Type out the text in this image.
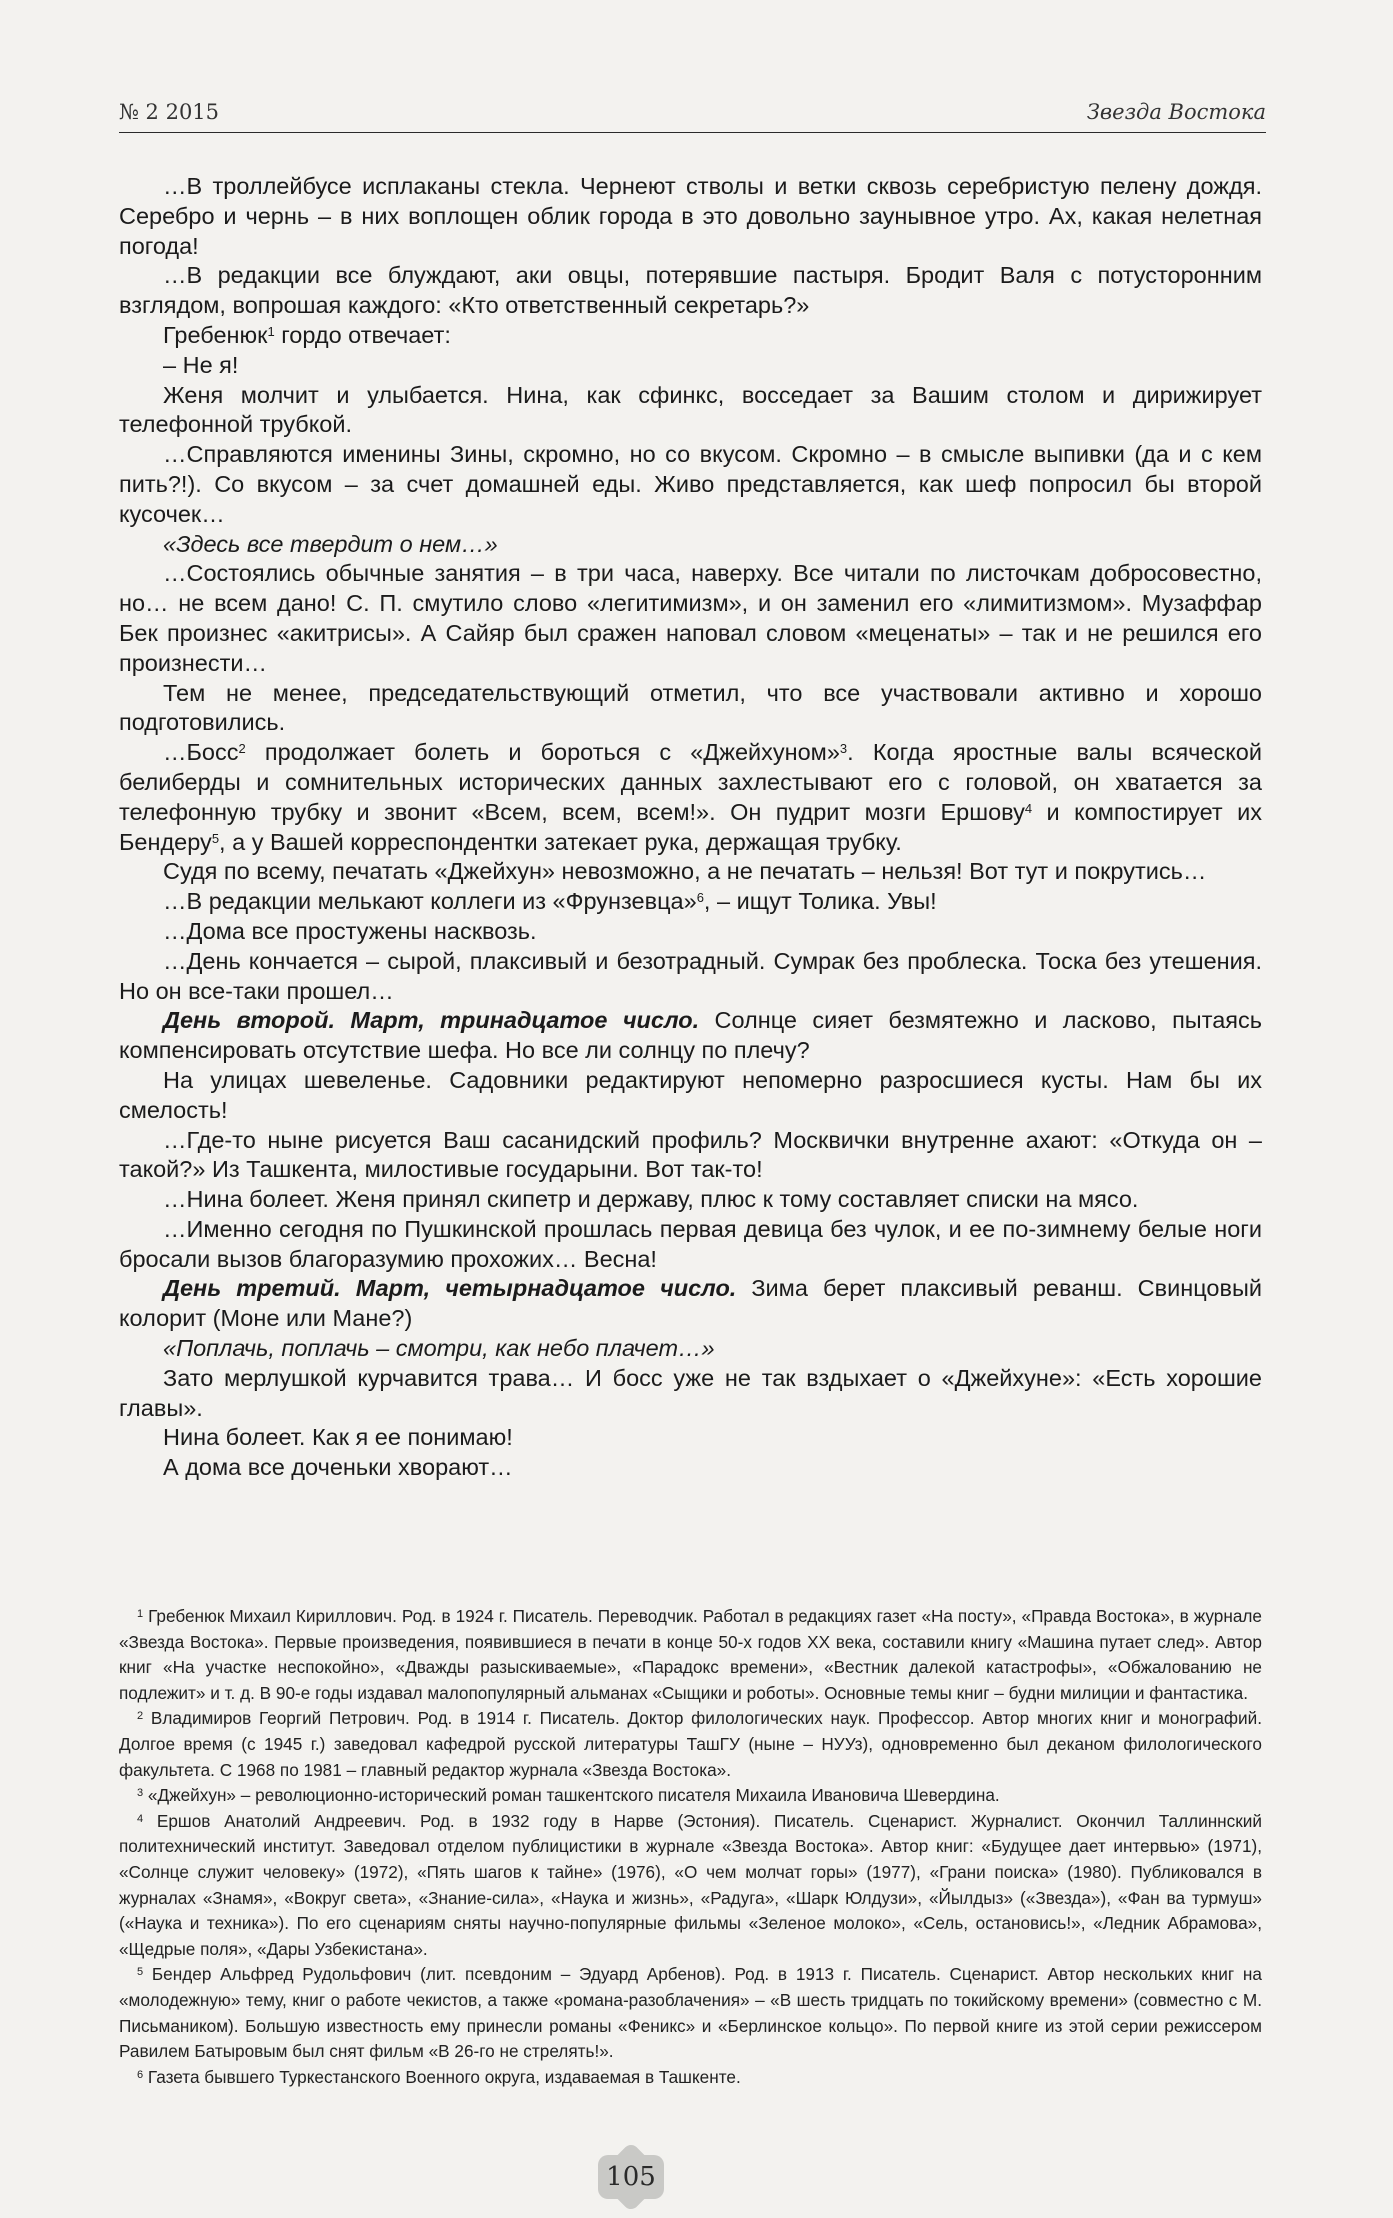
№ 2 2015	Звезда Востока

…В троллейбусе исплаканы стекла. Чернеют стволы и ветки сквозь серебристую пелену дождя. Серебро и чернь – в них воплощен облик города в это довольно заунывное утро. Ах, какая нелетная погода!

…В редакции все блуждают, аки овцы, потерявшие пастыря. Бродит Валя с потусторонним взглядом, вопрошая каждого: «Кто ответственный секретарь?»

Гребенюк$^1$ гордо отвечает:

– Не я!

Женя молчит и улыбается. Нина, как сфинкс, восседает за Вашим столом и дирижирует телефонной трубкой.

…Справляются именины Зины, скромно, но со вкусом. Скромно – в смысле выпивки (да и с кем пить?!). Со вкусом – за счет домашней еды. Живо представляется, как шеф попросил бы второй кусочек…

«Здесь все твердит о нем…»

…Состоялись обычные занятия – в три часа, наверху. Все читали по листочкам добросовестно, но… не всем дано! С. П. смутило слово «легитимизм», и он заменил его «лимитизмом». Музаффар Бек произнес «акитрисы». А Сайяр был сражен наповал словом «меценаты» – так и не решился его произнести…

Тем не менее, председательствующий отметил, что все участвовали активно и хорошо подготовились.

…Босс$^2$ продолжает болеть и бороться с «Джейхуном»$^3$. Когда яростные валы всяческой белиберды и сомнительных исторических данных захлестывают его с головой, он хватается за телефонную трубку и звонит «Всем, всем, всем!». Он пудрит мозги Ершову$^4$ и компостирует их Бендеру$^5$, а у Вашей корреспондентки затекает рука, держащая трубку.

Судя по всему, печатать «Джейхун» невозможно, а не печатать – нельзя! Вот тут и покрутись…

…В редакции мелькают коллеги из «Фрунзевца»$^6$, – ищут Толика. Увы!

…Дома все простужены насквозь.

…День кончается – сырой, плаксивый и безотрадный. Сумрак без проблеска. Тоска без утешения. Но он все-таки прошел…

День второй. Март, тринадцатое число. Солнце сияет безмятежно и ласково, пытаясь компенсировать отсутствие шефа. Но все ли солнцу по плечу?

На улицах шевеленье. Садовники редактируют непомерно разросшиеся кусты. Нам бы их смелость!

…Где-то ныне рисуется Ваш сасанидский профиль? Москвички внутренне ахают: «Откуда он – такой?» Из Ташкента, милостивые государыни. Вот так-то!

…Нина болеет. Женя принял скипетр и державу, плюс к тому составляет списки на мясо.

…Именно сегодня по Пушкинской прошлась первая девица без чулок, и ее по-зимнему белые ноги бросали вызов благоразумию прохожих… Весна!

День третий. Март, четырнадцатое число. Зима берет плаксивый реванш. Свинцовый колорит (Моне или Мане?)

«Поплачь, поплачь – смотри, как небо плачет…»

Зато мерлушкой курчавится трава… И босс уже не так вздыхает о «Джейхуне»: «Есть хорошие главы».

Нина болеет. Как я ее понимаю!

А дома все доченьки хворают…

$^1$ Гребенюк Михаил Кириллович. Род. в 1924 г. Писатель. Переводчик. Работал в редакциях газет «На посту», «Правда Востока», в журнале «Звезда Востока». Первые произведения, появившиеся в печати в конце 50-х годов XX века, составили книгу «Машина путает след». Автор книг «На участке неспокойно», «Дважды разыскиваемые», «Парадокс времени», «Вестник далекой катастрофы», «Обжалованию не подлежит» и т. д. В 90-е годы издавал малопопулярный альманах «Сыщики и роботы». Основные темы книг – будни милиции и фантастика.

$^2$ Владимиров Георгий Петрович. Род. в 1914 г. Писатель. Доктор филологических наук. Профессор. Автор многих книг и монографий. Долгое время (с 1945 г.) заведовал кафедрой русской литературы ТашГУ (ныне – НУУз), одновременно был деканом филологического факультета. С 1968 по 1981 – главный редактор журнала «Звезда Востока».

$^3$ «Джейхун» – революционно-исторический роман ташкентского писателя Михаила Ивановича Шевердина.

$^4$ Ершов Анатолий Андреевич. Род. в 1932 году в Нарве (Эстония). Писатель. Сценарист. Журналист. Окончил Таллиннский политехнический институт. Заведовал отделом публицистики в журнале «Звезда Востока». Автор книг: «Будущее дает интервью» (1971), «Солнце служит человеку» (1972), «Пять шагов к тайне» (1976), «О чем молчат горы» (1977), «Грани поиска» (1980). Публиковался в журналах «Знамя», «Вокруг света», «Знание-сила», «Наука и жизнь», «Радуга», «Шарк Юлдузи», «Йылдыз» («Звезда»), «Фан ва турмуш» («Наука и техника»). По его сценариям сняты научно-популярные фильмы «Зеленое молоко», «Сель, остановись!», «Ледник Абрамова», «Щедрые поля», «Дары Узбекистана».

$^5$ Бендер Альфред Рудольфович (лит. псевдоним – Эдуард Арбенов). Род. в 1913 г. Писатель. Сценарист. Автор нескольких книг на «молодежную» тему, книг о работе чекистов, а также «романа-разоблачения» – «В шесть тридцать по токийскому времени» (совместно с М. Письмаником). Большую известность ему принесли романы «Феникс» и «Берлинское кольцо». По первой книге из этой серии режиссером Равилем Батыровым был снят фильм «В 26-го не стрелять!».

$^6$ Газета бывшего Туркестанского Военного округа, издаваемая в Ташкенте.

105
